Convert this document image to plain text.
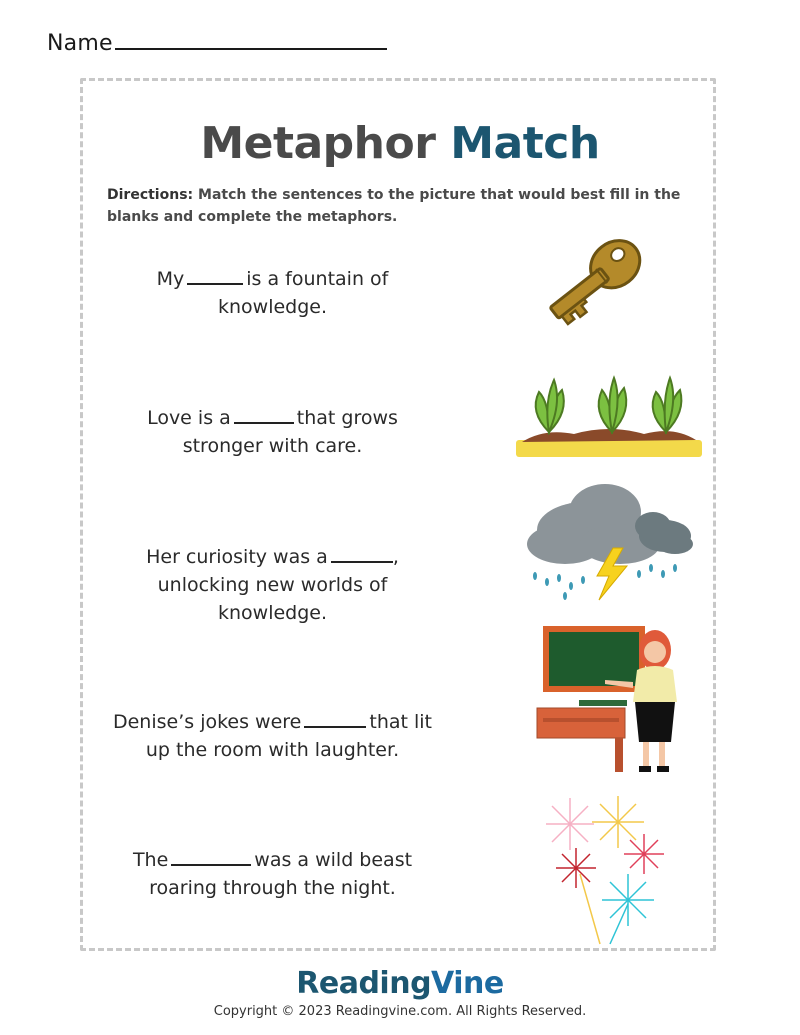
Name
Metaphor Match
Directions: Match the sentences to the picture that would best fill in the blanks and complete the metaphors.
My	is a fountain of
knowledge.
Love is a	that grows
stronger with care.
Her curiosity was a	,
unlocking new worlds of
knowledge.
Denise’s jokes were	that lit
up the room with laughter.
The	was a wild beast
roaring through the night.
ReadingVine
Copyright © 2023 Readingvine.com. All Rights Reserved.
